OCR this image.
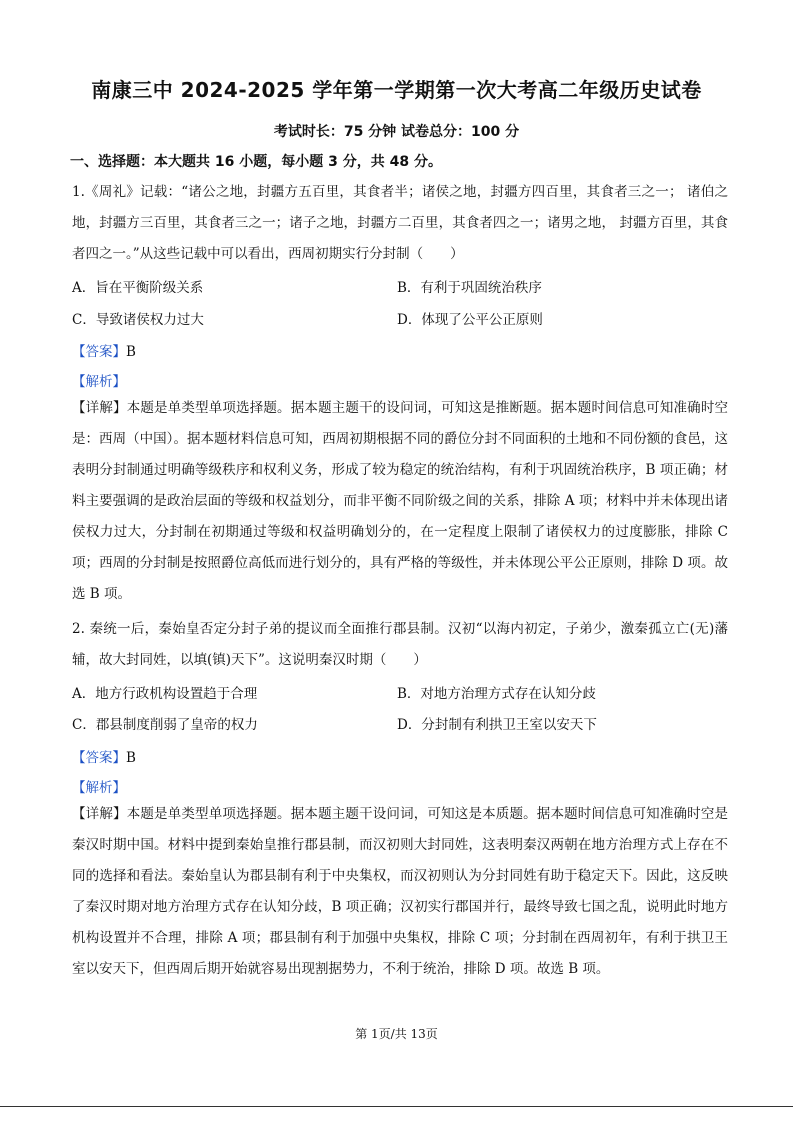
南康三中 2024-2025 学年第一学期第一次大考高二年级历史试卷
考试时长：75 分钟 试卷总分：100 分
一、选择题：本大题共 16 小题，每小题 3 分，共 48 分。
1.《周礼》记载：“诸公之地，封疆方五百里，其食者半；诸侯之地，封疆方四百里，其食者三之一； 诸伯之地，封疆方三百里，其食者三之一；诸子之地，封疆方二百里，其食者四之一；诸男之地， 封疆方百里，其食者四之一。”从这些记载中可以看出，西周初期实行分封制（　　）
A．旨在平衡阶级关系	B．有利于巩固统治秩序
C．导致诸侯权力过大	D．体现了公平公正原则
【答案】B
【解析】
【详解】本题是单类型单项选择题。据本题主题干的设问词，可知这是推断题。据本题时间信息可知准确时空是：西周（中国）。据本题材料信息可知，西周初期根据不同的爵位分封不同面积的土地和不同份额的食邑，这表明分封制通过明确等级秩序和权利义务，形成了较为稳定的统治结构，有利于巩固统治秩序，B 项正确；材料主要强调的是政治层面的等级和权益划分，而非平衡不同阶级之间的关系，排除 A 项；材料中并未体现出诸侯权力过大，分封制在初期通过等级和权益明确划分的，在一定程度上限制了诸侯权力的过度膨胀，排除 C 项；西周的分封制是按照爵位高低而进行划分的，具有严格的等级性，并未体现公平公正原则，排除 D 项。故选 B 项。
2. 秦统一后，秦始皇否定分封子弟的提议而全面推行郡县制。汉初“以海内初定，子弟少，激秦孤立亡(无)藩辅，故大封同姓，以填(镇)天下”。这说明秦汉时期（　　）
A．地方行政机构设置趋于合理	B．对地方治理方式存在认知分歧
C．郡县制度削弱了皇帝的权力	D．分封制有利拱卫王室以安天下
【答案】B
【解析】
【详解】本题是单类型单项选择题。据本题主题干设问词，可知这是本质题。据本题时间信息可知准确时空是秦汉时期中国。材料中提到秦始皇推行郡县制，而汉初则大封同姓，这表明秦汉两朝在地方治理方式上存在不同的选择和看法。秦始皇认为郡县制有利于中央集权，而汉初则认为分封同姓有助于稳定天下。因此，这反映了秦汉时期对地方治理方式存在认知分歧，B 项正确；汉初实行郡国并行，最终导致七国之乱，说明此时地方机构设置并不合理，排除 A 项；郡县制有利于加强中央集权，排除 C 项；分封制在西周初年，有利于拱卫王室以安天下，但西周后期开始就容易出现割据势力，不利于统治，排除 D 项。故选 B 项。
第 1页/共 13页
